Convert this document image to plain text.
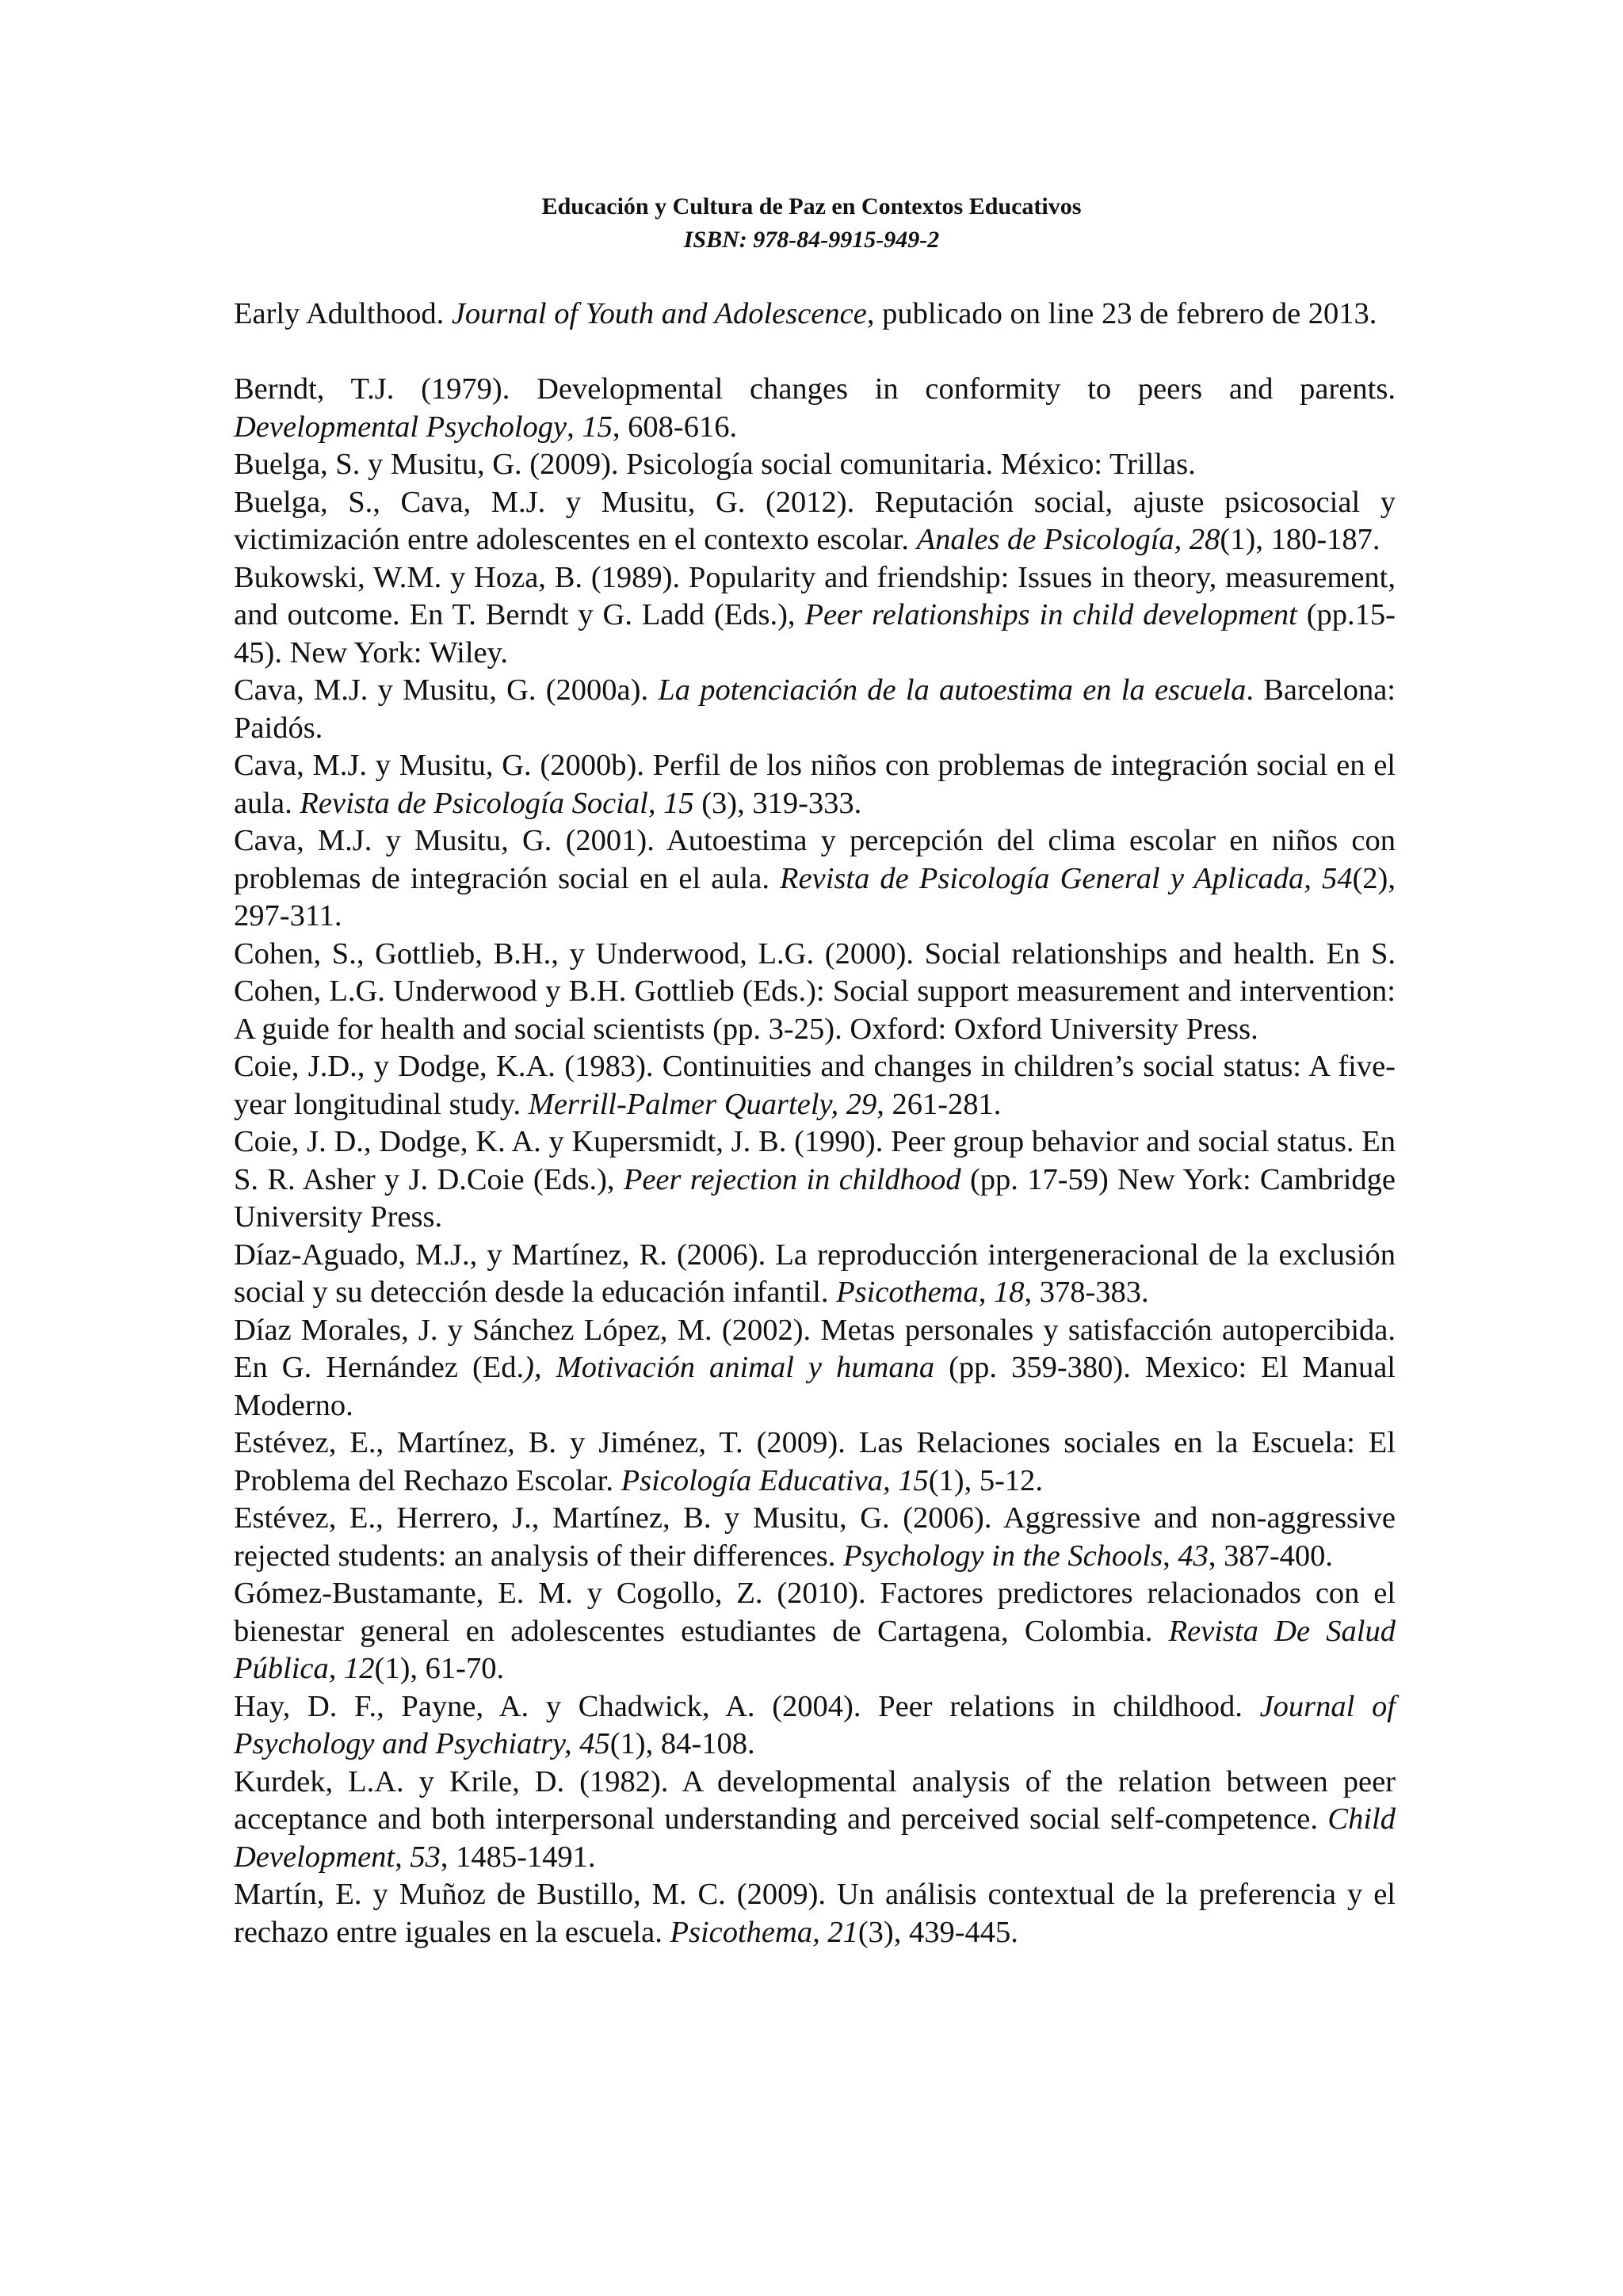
Educación y Cultura de Paz en Contextos Educativos
ISBN: 978-84-9915-949-2

Early Adulthood. Journal of Youth and Adolescence, publicado on line 23 de febrero de 2013.

Berndt, T.J. (1979). Developmental changes in conformity to peers and parents. Developmental Psychology, 15, 608-616.

Buelga, S. y Musitu, G. (2009). Psicología social comunitaria. México: Trillas.

Buelga, S., Cava, M.J. y Musitu, G. (2012). Reputación social, ajuste psicosocial y victimización entre adolescentes en el contexto escolar. Anales de Psicología, 28(1), 180-187.

Bukowski, W.M. y Hoza, B. (1989). Popularity and friendship: Issues in theory, measurement, and outcome. En T. Berndt y G. Ladd (Eds.), Peer relationships in child development (pp.15-45). New York: Wiley.

Cava, M.J. y Musitu, G. (2000a). La potenciación de la autoestima en la escuela. Barcelona: Paidós.

Cava, M.J. y Musitu, G. (2000b). Perfil de los niños con problemas de integración social en el aula. Revista de Psicología Social, 15 (3), 319-333.

Cava, M.J. y Musitu, G. (2001). Autoestima y percepción del clima escolar en niños con problemas de integración social en el aula. Revista de Psicología General y Aplicada, 54(2), 297-311.

Cohen, S., Gottlieb, B.H., y Underwood, L.G. (2000). Social relationships and health. En S. Cohen, L.G. Underwood y B.H. Gottlieb (Eds.): Social support measurement and intervention: A guide for health and social scientists (pp. 3-25). Oxford: Oxford University Press.

Coie, J.D., y Dodge, K.A. (1983). Continuities and changes in children’s social status: A five-year longitudinal study. Merrill-Palmer Quartely, 29, 261-281.

Coie, J. D., Dodge, K. A. y Kupersmidt, J. B. (1990). Peer group behavior and social status. En S. R. Asher y J. D.Coie (Eds.), Peer rejection in childhood (pp. 17-59) New York: Cambridge University Press.

Díaz-Aguado, M.J., y Martínez, R. (2006). La reproducción intergeneracional de la exclusión social y su detección desde la educación infantil. Psicothema, 18, 378-383.

Díaz Morales, J. y Sánchez López, M. (2002). Metas personales y satisfacción autopercibida. En G. Hernández (Ed.), Motivación animal y humana (pp. 359-380). Mexico: El Manual Moderno.

Estévez, E., Martínez, B. y Jiménez, T. (2009). Las Relaciones sociales en la Escuela: El Problema del Rechazo Escolar. Psicología Educativa, 15(1), 5-12.

Estévez, E., Herrero, J., Martínez, B. y Musitu, G. (2006). Aggressive and non-aggressive rejected students: an analysis of their differences. Psychology in the Schools, 43, 387-400.

Gómez-Bustamante, E. M. y Cogollo, Z. (2010). Factores predictores relacionados con el bienestar general en adolescentes estudiantes de Cartagena, Colombia. Revista De Salud Pública, 12(1), 61-70.

Hay, D. F., Payne, A. y Chadwick, A. (2004). Peer relations in childhood. Journal of Psychology and Psychiatry, 45(1), 84-108.

Kurdek, L.A. y Krile, D. (1982). A developmental analysis of the relation between peer acceptance and both interpersonal understanding and perceived social self-competence. Child Development, 53, 1485-1491.

Martín, E. y Muñoz de Bustillo, M. C. (2009). Un análisis contextual de la preferencia y el rechazo entre iguales en la escuela. Psicothema, 21(3), 439-445.
